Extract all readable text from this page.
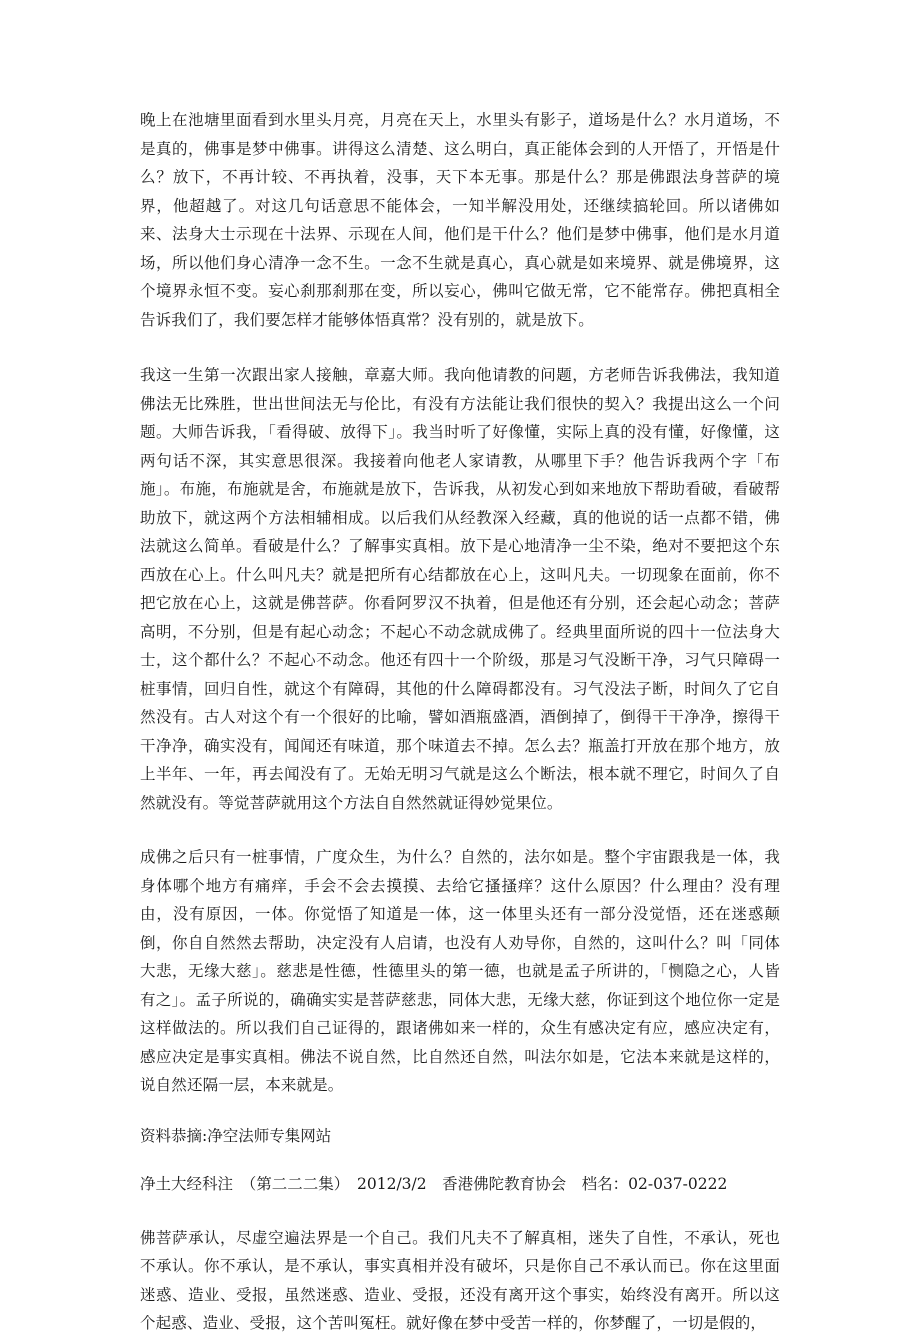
晚上在池塘里面看到水里头月亮，月亮在天上，水里头有影子，道场是什么？水月道场，不是真的，佛事是梦中佛事。讲得这么清楚、这么明白，真正能体会到的人开悟了，开悟是什么？放下，不再计较、不再执着，没事，天下本无事。那是什么？那是佛跟法身菩萨的境界，他超越了。对这几句话意思不能体会，一知半解没用处，还继续搞轮回。所以诸佛如来、法身大士示现在十法界、示现在人间，他们是干什么？他们是梦中佛事，他们是水月道场，所以他们身心清净一念不生。一念不生就是真心，真心就是如来境界、就是佛境界，这个境界永恒不变。妄心刹那刹那在变，所以妄心，佛叫它做无常，它不能常存。佛把真相全告诉我们了，我们要怎样才能够体悟真常？没有别的，就是放下。

我这一生第一次跟出家人接触，章嘉大师。我向他请教的问题，方老师告诉我佛法，我知道佛法无比殊胜，世出世间法无与伦比，有没有方法能让我们很快的契入？我提出这么一个问题。大师告诉我，「看得破、放得下」。我当时听了好像懂，实际上真的没有懂，好像懂，这两句话不深，其实意思很深。我接着向他老人家请教，从哪里下手？他告诉我两个字「布施」。布施，布施就是舍，布施就是放下，告诉我，从初发心到如来地放下帮助看破，看破帮助放下，就这两个方法相辅相成。以后我们从经教深入经藏，真的他说的话一点都不错，佛法就这么简单。看破是什么？了解事实真相。放下是心地清净一尘不染，绝对不要把这个东西放在心上。什么叫凡夫？就是把所有心结都放在心上，这叫凡夫。一切现象在面前，你不把它放在心上，这就是佛菩萨。你看阿罗汉不执着，但是他还有分别，还会起心动念；菩萨高明，不分别，但是有起心动念；不起心不动念就成佛了。经典里面所说的四十一位法身大士，这个都什么？不起心不动念。他还有四十一个阶级，那是习气没断干净，习气只障碍一桩事情，回归自性，就这个有障碍，其他的什么障碍都没有。习气没法子断，时间久了它自然没有。古人对这个有一个很好的比喻，譬如酒瓶盛酒，酒倒掉了，倒得干干净净，擦得干干净净，确实没有，闻闻还有味道，那个味道去不掉。怎么去？瓶盖打开放在那个地方，放上半年、一年，再去闻没有了。无始无明习气就是这么个断法，根本就不理它，时间久了自然就没有。等觉菩萨就用这个方法自自然然就证得妙觉果位。

成佛之后只有一桩事情，广度众生，为什么？自然的，法尔如是。整个宇宙跟我是一体，我身体哪个地方有痛痒，手会不会去摸摸、去给它搔搔痒？这什么原因？什么理由？没有理由，没有原因，一体。你觉悟了知道是一体，这一体里头还有一部分没觉悟，还在迷惑颠倒，你自自然然去帮助，决定没有人启请，也没有人劝导你，自然的，这叫什么？叫「同体大悲，无缘大慈」。慈悲是性德，性德里头的第一德，也就是孟子所讲的，「恻隐之心，人皆有之」。孟子所说的，确确实实是菩萨慈悲，同体大悲，无缘大慈，你证到这个地位你一定是这样做法的。所以我们自己证得的，跟诸佛如来一样的，众生有感决定有应，感应决定有，感应决定是事实真相。佛法不说自然，比自然还自然，叫法尔如是，它法本来就是这样的，说自然还隔一层，本来就是。

资料恭摘:净空法师专集网站

净土大经科注　（第二二二集）　2012/3/2　香港佛陀教育协会　档名：02-037-0222

佛菩萨承认，尽虚空遍法界是一个自己。我们凡夫不了解真相，迷失了自性，不承认，死也不承认。你不承认，是不承认，事实真相并没有破坏，只是你自己不承认而已。你在这里面迷惑、造业、受报，虽然迷惑、造业、受报，还没有离开这个事实，始终没有离开。所以这个起惑、造业、受报，这个苦叫冤枉。就好像在梦中受苦一样的，你梦醒了，一切是假的，
